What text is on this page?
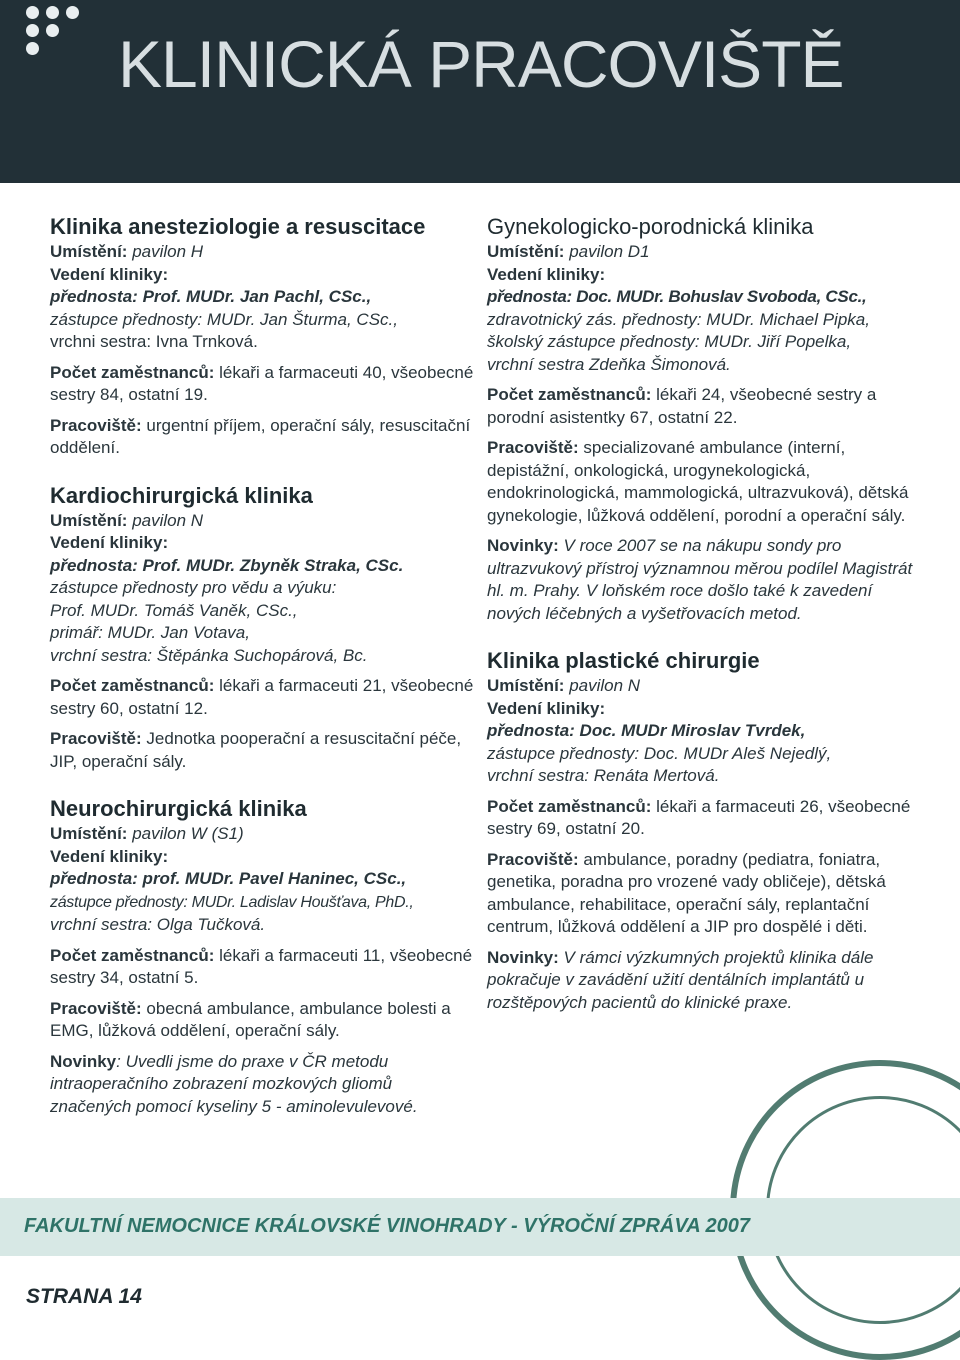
KLINICKÁ PRACOVIŠTĚ
Klinika anesteziologie a resuscitace

Umístění: pavilon H

Vedení kliniky:

přednosta: Prof. MUDr. Jan Pachl, CSc.,

zástupce přednosty: MUDr. Jan Šturma, CSc.,

vrchni sestra: Ivna Trnková.

Počet zaměstnanců: lékaři a farmaceuti 40, všeobecné sestry 84, ostatní 19.

Pracoviště: urgentní příjem, operační sály, resuscitační oddělení.

Kardiochirurgická klinika

Umístění: pavilon N

Vedení kliniky:

přednosta: Prof. MUDr. Zbyněk Straka, CSc.

zástupce přednosty pro vědu a výuku:

Prof. MUDr. Tomáš Vaněk, CSc.,

primář: MUDr. Jan Votava,

vrchní sestra: Štěpánka Suchopárová, Bc.

Počet zaměstnanců: lékaři a farmaceuti 21, všeobecné sestry 60, ostatní 12.

Pracoviště: Jednotka pooperační a resuscitační péče, JIP, operační sály.

Neurochirurgická klinika

Umístění: pavilon W (S1)

Vedení kliniky:

přednosta: prof. MUDr. Pavel Haninec, CSc.,

zástupce přednosty: MUDr. Ladislav Houšťava, PhD.,

vrchní sestra: Olga Tučková.

Počet zaměstnanců: lékaři a farmaceuti 11, všeobecné sestry 34, ostatní 5.

Pracoviště: obecná ambulance, ambulance bolesti a EMG, lůžková oddělení, operační sály.

Novinky: Uvedli jsme do praxe v ČR metodu intraoperačního zobrazení mozkových gliomů značených pomocí kyseliny 5 - aminolevulevové.

Gynekologicko-porodnická klinika

Umístění: pavilon D1

Vedení kliniky:

přednosta: Doc. MUDr. Bohuslav Svoboda, CSc.,

zdravotnický zás. přednosty: MUDr. Michael Pipka,

školský zástupce přednosty: MUDr. Jiří Popelka,

vrchní sestra Zdeňka Šimonová.

Počet zaměstnanců: lékaři 24, všeobecné sestry a porodní asistentky 67, ostatní 22.

Pracoviště: specializované ambulance (interní, depistážní, onkologická, urogynekologická, endokrinologická, mammologická, ultrazvuková), dětská gynekologie, lůžková oddělení, porodní a operační sály.

Novinky: V roce 2007 se na nákupu sondy pro ultrazvukový přístroj významnou měrou podílel Magistrát hl. m. Prahy. V loňském roce došlo také k zavedení nových léčebných a vyšetřovacích metod.

Klinika plastické chirurgie

Umístění: pavilon N

Vedení kliniky:

přednosta: Doc. MUDr Miroslav Tvrdek,

zástupce přednosty: Doc. MUDr Aleš Nejedlý,

vrchní sestra: Renáta Mertová.

Počet zaměstnanců: lékaři a farmaceuti 26, všeobecné sestry 69, ostatní 20.

Pracoviště: ambulance, poradny (pediatra, foniatra, genetika, poradna pro vrozené vady obličeje), dětská ambulance, rehabilitace, operační sály, replantační centrum, lůžková oddělení a JIP pro dospělé i děti.

Novinky: V rámci výzkumných projektů klinika dále pokračuje v zavádění užití dentálních implantátů u rozštěpových pacientů do klinické praxe.

FAKULTNÍ NEMOCNICE KRÁLOVSKÉ VINOHRADY - VÝROČNÍ ZPRÁVA 2007
STRANA 14
